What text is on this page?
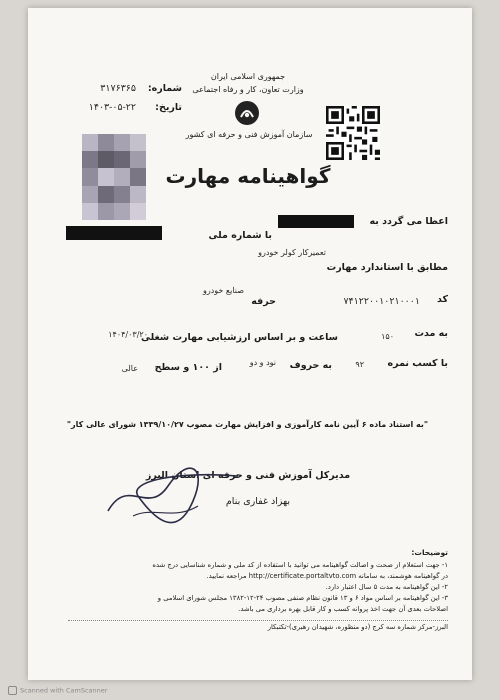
جمهوری اسلامی ایران
وزارت تعاون، کار و رفاه اجتماعی
سازمان آموزش فنی و حرفه ای کشور
شماره:
۳۱۷۶۳۶۵
تاریخ:
۱۴۰۳-۰۵-۲۲
گواهینامه مهارت
اعطا می گردد به
با شماره ملی
مطابق با استاندارد مهارت
تعمیرکار کولر خودرو
کد
۷۴۱۲۲۰۰۱۰۲۱۰۰۰۱
حرفه
صنایع خودرو
به مدت
۱۵۰
ساعت و بر اساس ارزشیابی مهارت شغلی
۱۴۰۴/۰۳/۲۰
با کسب نمره
۹۲
به حروف
نود و دو
از ۱۰۰ و سطح
عالی
"به استناد ماده ۶ آیین نامه کارآموزی و افزایش مهارت مصوب ۱۳۳۹/۱۰/۲۷ شورای عالی کار"
مدیرکل آموزش فنی و حرفه ای استان البرز
بهزاد غفاری بنام
توضیحات:
۱- جهت استعلام از صحت و اصالت گواهینامه می توانید با استفاده از کد ملی و شماره شناسایی درج شده
در گواهینامه هوشمند، به سامانه http://certificate.portaltvto.com مراجعه نمایید.
۲- این گواهینامه به مدت ۵ سال اعتبار دارد.
۳- این گواهینامه بر اساس مواد ۶ و ۱۳ قانون نظام صنفی مصوب ۲۴-۱۲-۱۳۸۲ مجلس شورای اسلامی و
اصلاحات بعدی آن جهت اخذ پروانه کسب و کار قابل بهره برداری می باشد.
البرز-مرکز شماره سه کرج (دو منظوره، شهیدان رهبری)-تکتبکار
Scanned with CamScanner
